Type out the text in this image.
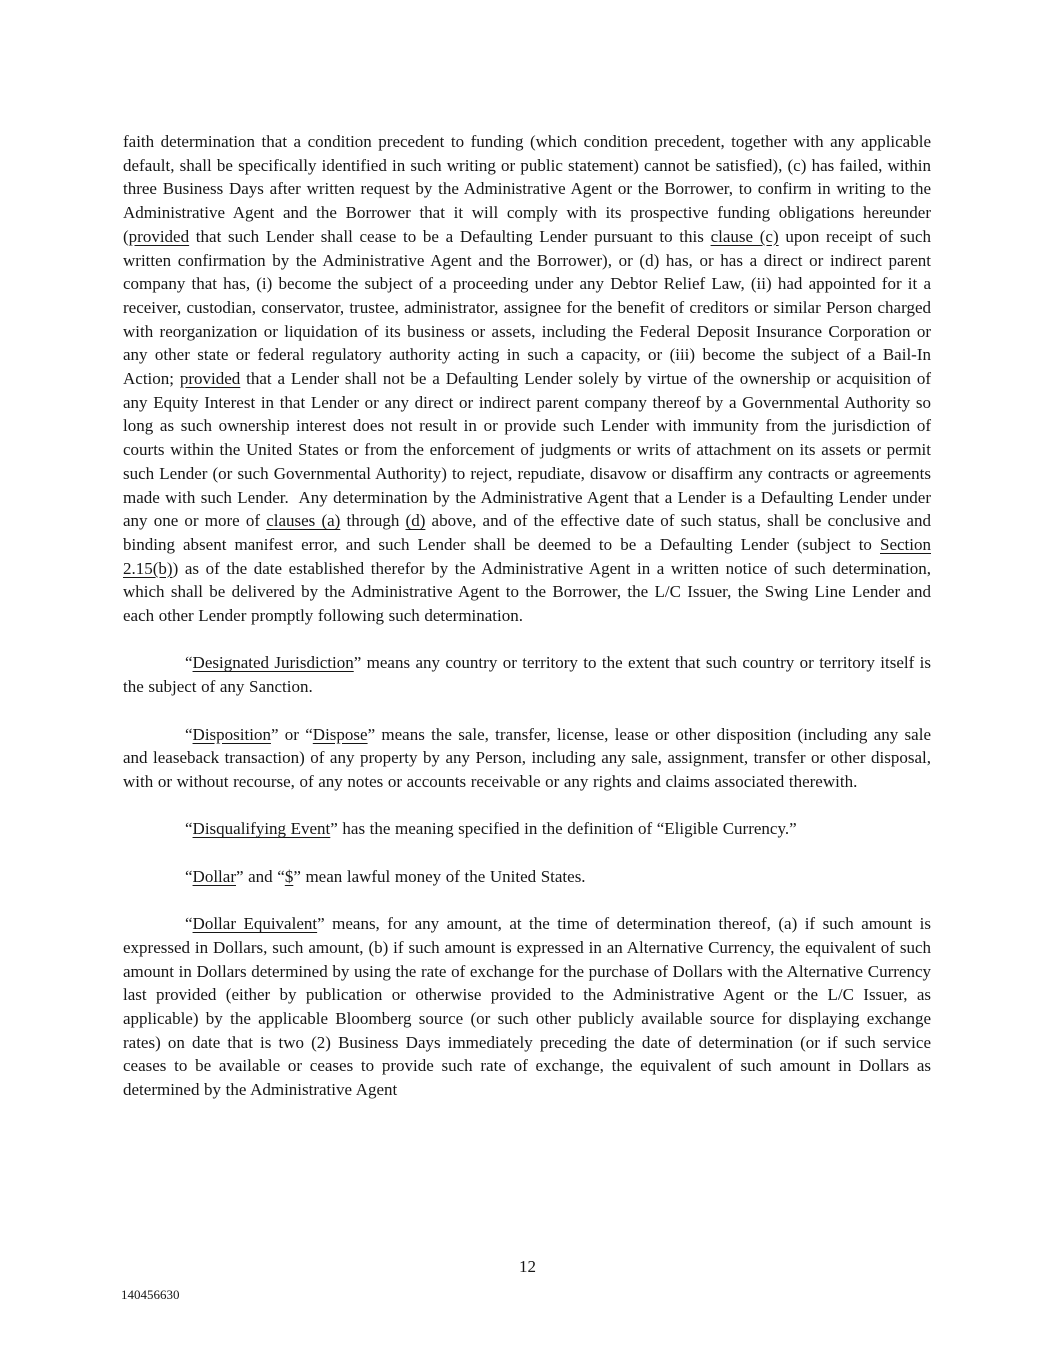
faith determination that a condition precedent to funding (which condition precedent, together with any applicable default, shall be specifically identified in such writing or public statement) cannot be satisfied), (c) has failed, within three Business Days after written request by the Administrative Agent or the Borrower, to confirm in writing to the Administrative Agent and the Borrower that it will comply with its prospective funding obligations hereunder (provided that such Lender shall cease to be a Defaulting Lender pursuant to this clause (c) upon receipt of such written confirmation by the Administrative Agent and the Borrower), or (d) has, or has a direct or indirect parent company that has, (i) become the subject of a proceeding under any Debtor Relief Law, (ii) had appointed for it a receiver, custodian, conservator, trustee, administrator, assignee for the benefit of creditors or similar Person charged with reorganization or liquidation of its business or assets, including the Federal Deposit Insurance Corporation or any other state or federal regulatory authority acting in such a capacity, or (iii) become the subject of a Bail-In Action; provided that a Lender shall not be a Defaulting Lender solely by virtue of the ownership or acquisition of any Equity Interest in that Lender or any direct or indirect parent company thereof by a Governmental Authority so long as such ownership interest does not result in or provide such Lender with immunity from the jurisdiction of courts within the United States or from the enforcement of judgments or writs of attachment on its assets or permit such Lender (or such Governmental Authority) to reject, repudiate, disavow or disaffirm any contracts or agreements made with such Lender.  Any determination by the Administrative Agent that a Lender is a Defaulting Lender under any one or more of clauses (a) through (d) above, and of the effective date of such status, shall be conclusive and binding absent manifest error, and such Lender shall be deemed to be a Defaulting Lender (subject to Section 2.15(b)) as of the date established therefor by the Administrative Agent in a written notice of such determination, which shall be delivered by the Administrative Agent to the Borrower, the L/C Issuer, the Swing Line Lender and each other Lender promptly following such determination.

“Designated Jurisdiction” means any country or territory to the extent that such country or territory itself is the subject of any Sanction.

“Disposition” or “Dispose” means the sale, transfer, license, lease or other disposition (including any sale and leaseback transaction) of any property by any Person, including any sale, assignment, transfer or other disposal, with or without recourse, of any notes or accounts receivable or any rights and claims associated therewith.

“Disqualifying Event” has the meaning specified in the definition of “Eligible Currency.”

“Dollar” and “$” mean lawful money of the United States.

“Dollar Equivalent” means, for any amount, at the time of determination thereof, (a) if such amount is expressed in Dollars, such amount, (b) if such amount is expressed in an Alternative Currency, the equivalent of such amount in Dollars determined by using the rate of exchange for the purchase of Dollars with the Alternative Currency last provided (either by publication or otherwise provided to the Administrative Agent or the L/C Issuer, as applicable) by the applicable Bloomberg source (or such other publicly available source for displaying exchange rates) on date that is two (2) Business Days immediately preceding the date of determination (or if such service ceases to be available or ceases to provide such rate of exchange, the equivalent of such amount in Dollars as determined by the Administrative Agent

12
140456630
